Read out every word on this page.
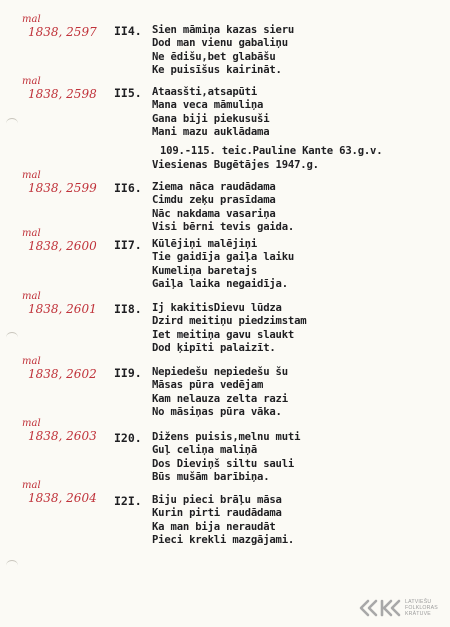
mal
1838, 2597	II4. Sien māmiņa kazas sieru
Dod man vienu gabaliņu
Ne ēdišu,bet glabāšu
Ke puisīšus kairināt.
mal
1838, 2598	II5. Ataasšti,atsapūti
Mana veca māmuliņa
Gana biji piekusuši
Mani mazu auklādama
109.-115. teic.Pauline Kante 63.g.v.
Viesienas Bugētājes 1947.g.
mal
1838, 2599	II6. Ziema nāca raudādama
Cimdu zeķu prasīdama
Nāc nakdama vasariņa
Visi bērni tevis gaida.
mal
1838, 2600	II7. Kūlējiņi malējiņi
Tie gaidīja gaiļa laiku
Kumeliņa baretajs
Gaiļa laika negaidīja.
mal
1838, 2601	II8. Ij kakitisDievu lūdza
Dzird meitiņu piedzimstam
Iet meitiņa gavu slaukt
Dod ķipīti palaizīt.
mal
1838, 2602	II9. Nepiedešu nepiedešu šu
Māsas pūra vedējam
Kam nelauza zelta razi
No māsiņas pūra vāka.
mal
1838, 2603	I20. Dižens puisis,melnu muti
Guļ celiņa maliņā
Dos Dieviņš siltu sauli
Būs mušām barībiņa.
mal
1838, 2604	I2I. Biju pieci brāļu māsa
Kurin pirti raudādama
Ka man bija neraudāt
Pieci krekli mazgājami.
LATVIEŠU
FOLKLORAS
KRĀTUVE
